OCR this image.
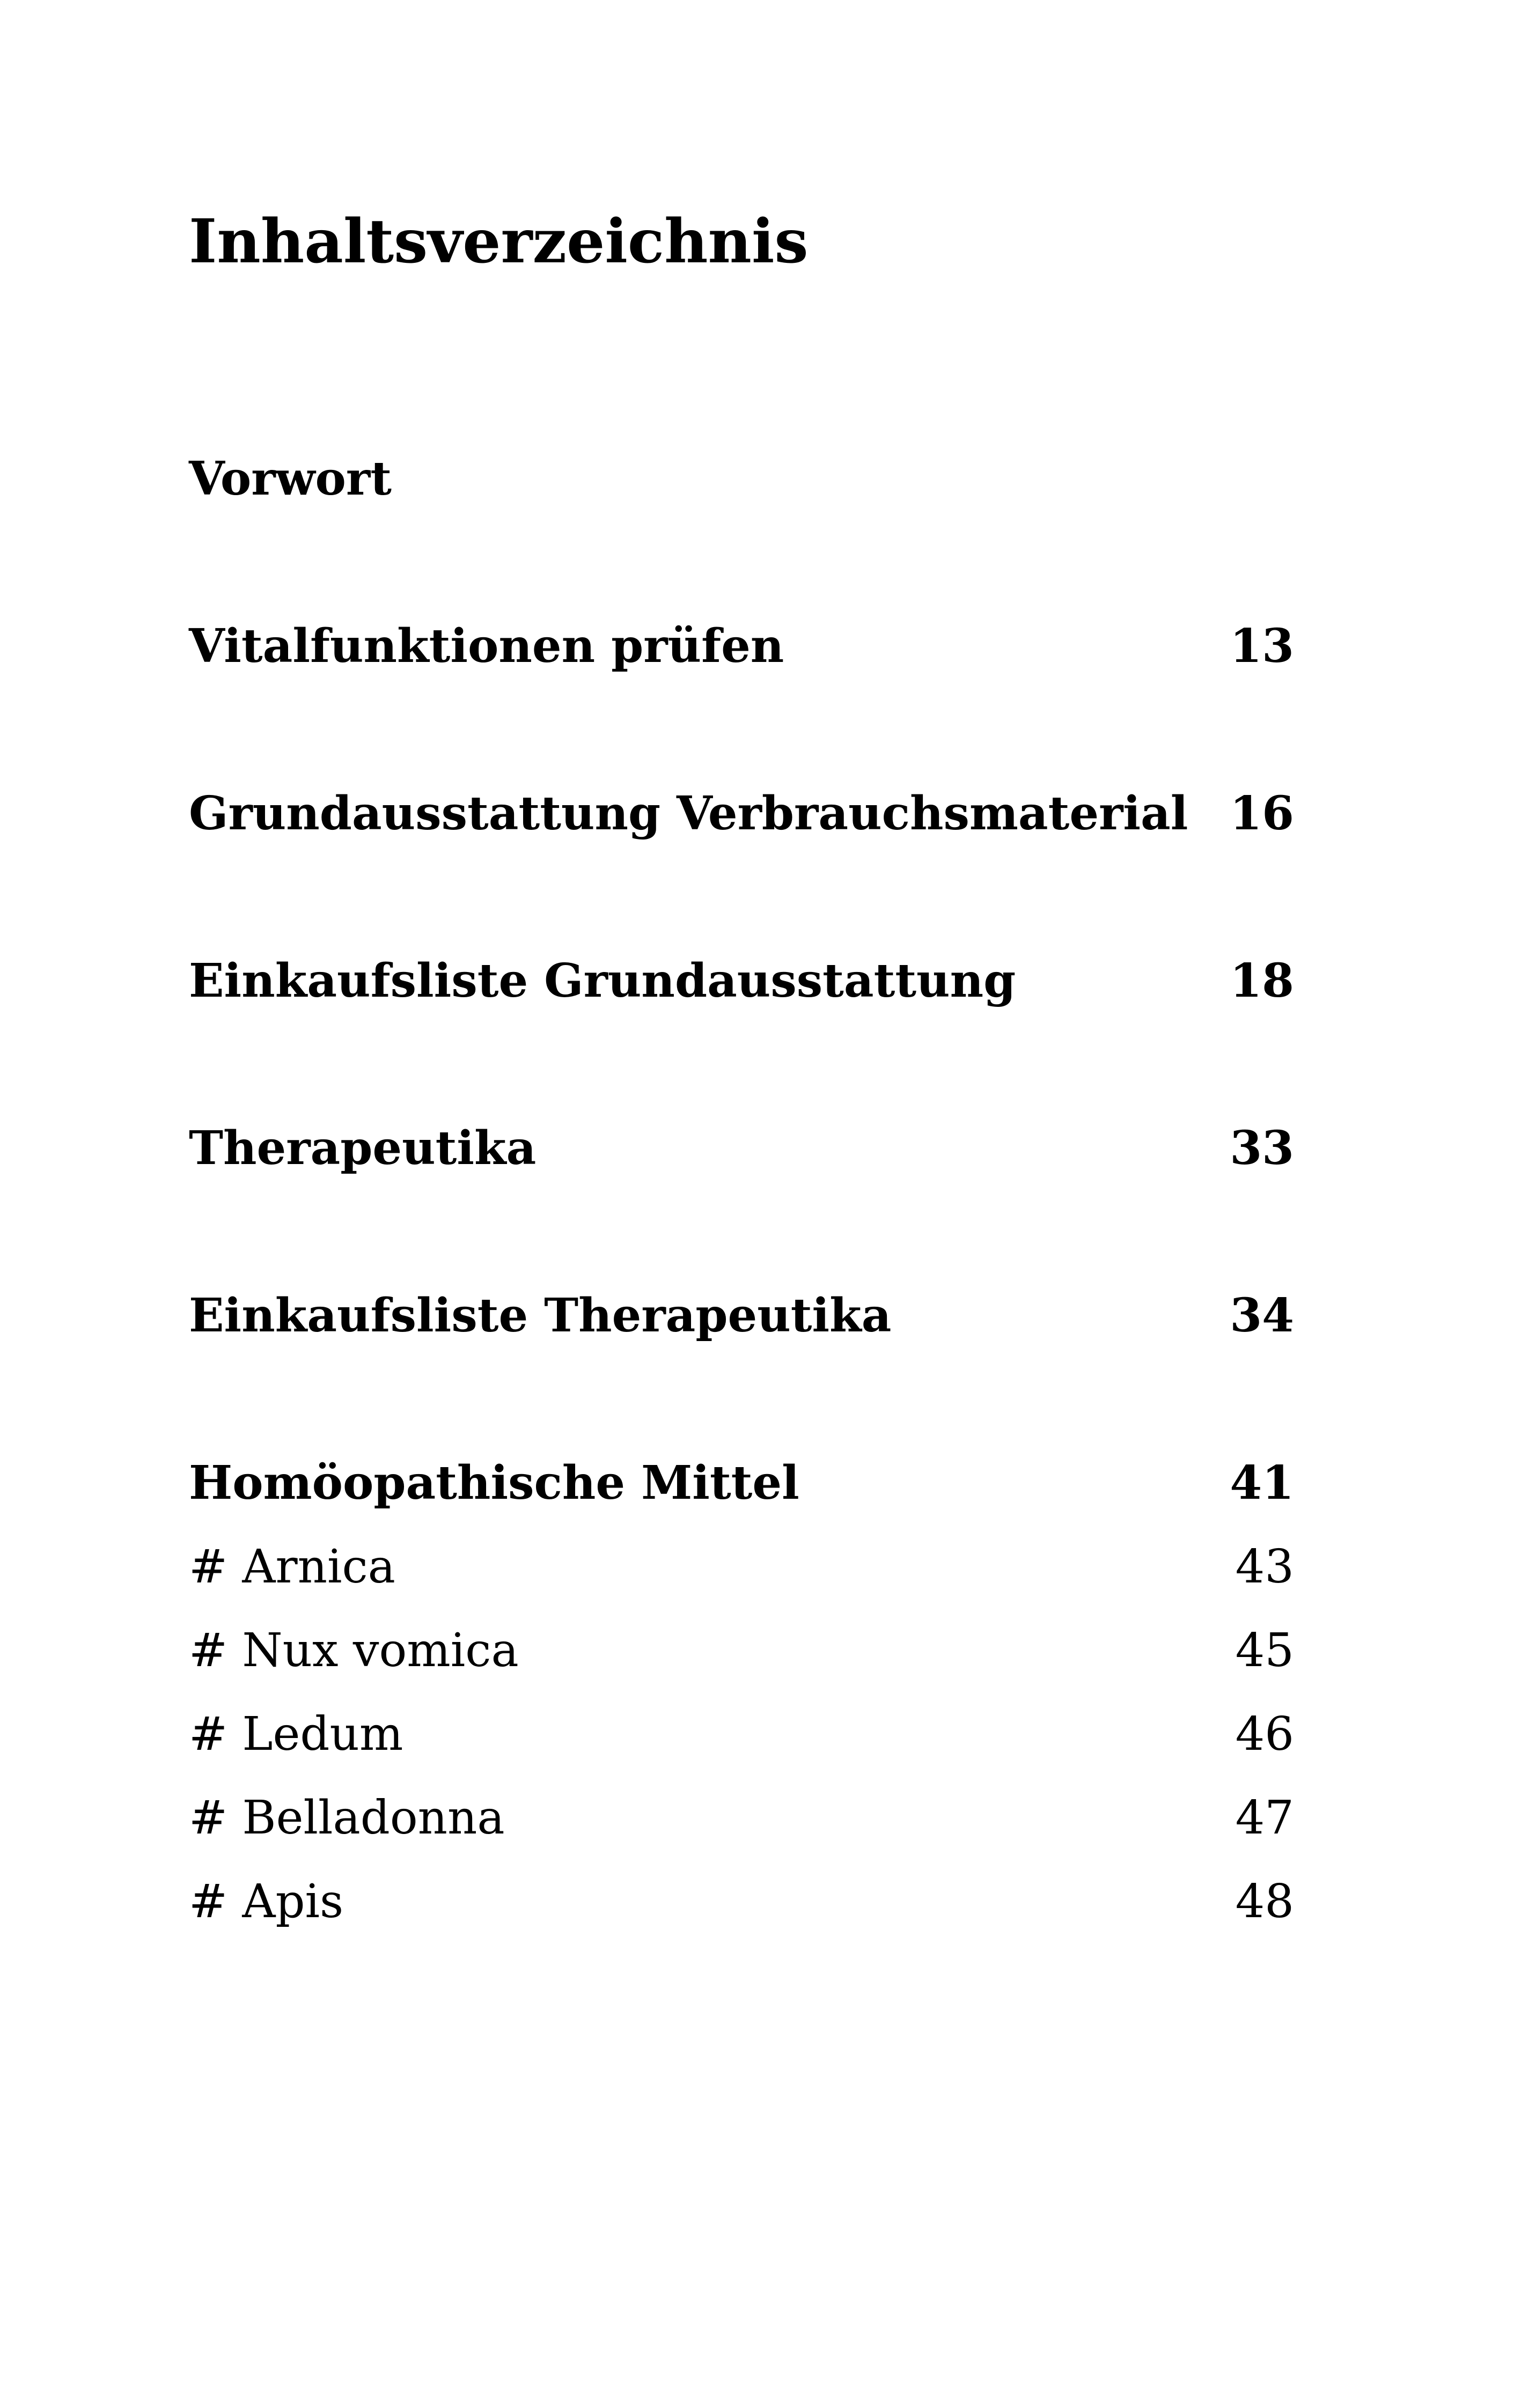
Inhaltsverzeichnis
Vorwort
Vitalfunktionen prüfen	13
Grundausstattung Verbrauchsmaterial 16
Einkaufsliste Grundausstattung	18
Therapeutika	33
Einkaufsliste Therapeutika	34
Homöopathische Mittel	41
# Arnica	43
# Nux vomica	45
# Ledum	46
# Belladonna	47
# Apis	48
